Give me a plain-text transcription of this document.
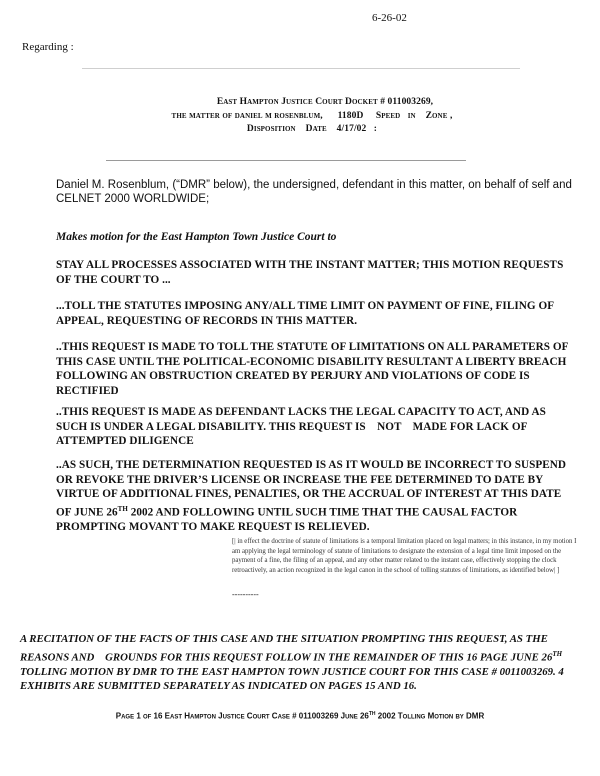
6-26-02
Regarding :
East Hampton Justice Court Docket # 011003269,
the matter of daniel m rosenblum,      1180D     Speed   in    Zone ,
Disposition    Date    4/17/02   :
Daniel M. Rosenblum, (“DMR” below), the undersigned, defendant in this matter, on behalf of self and CELNET 2000 WORLDWIDE;
Makes motion for the East Hampton Town Justice Court to
STAY ALL PROCESSES ASSOCIATED WITH THE INSTANT MATTER; THIS MOTION REQUESTS OF THE COURT TO ...
...TOLL THE STATUTES IMPOSING ANY/ALL TIME LIMIT ON PAYMENT OF FINE, FILING OF APPEAL, REQUESTING OF RECORDS IN THIS MATTER.
..THIS REQUEST IS MADE TO TOLL THE STATUTE OF LIMITATIONS ON ALL PARAMETERS OF THIS CASE UNTIL THE POLITICAL-ECONOMIC DISABILITY RESULTANT A LIBERTY BREACH FOLLOWING AN OBSTRUCTION CREATED BY PERJURY AND VIOLATIONS OF CODE IS RECTIFIED
..THIS REQUEST IS MADE AS DEFENDANT LACKS THE LEGAL CAPACITY TO ACT, AND AS SUCH IS UNDER A LEGAL DISABILITY. THIS REQUEST IS    NOT    MADE FOR LACK OF ATTEMPTED DILIGENCE
..AS SUCH, THE DETERMINATION REQUESTED IS AS IT WOULD BE INCORRECT TO SUSPEND OR REVOKE THE DRIVER’S LICENSE OR INCREASE THE FEE DETERMINED TO DATE BY VIRTUE OF ADDITIONAL FINES, PENALTIES, OR THE ACCRUAL OF INTEREST AT THIS DATE OF JUNE 26TH 2002 AND FOLLOWING UNTIL SUCH TIME THAT THE CAUSAL FACTOR PROMPTING MOVANT TO MAKE REQUEST IS RELIEVED.
[| in effect the doctrine of statute of limitations is a temporal limitation placed on legal matters; in this instance, in my motion I am applying the legal terminology of statute of limitations to designate the extension of a legal time limit imposed on the payment of a fine, the filing of an appeal, and any other matter related to the instant case, effectively stopping the clock retroactively, an action recognized in the legal canon in the school of tolling statutes of limitations, as identified below| ]
----------
A RECITATION OF THE FACTS OF THIS CASE AND THE SITUATION PROMPTING THIS REQUEST, AS THE REASONS AND    GROUNDS FOR THIS REQUEST FOLLOW IN THE REMAINDER OF THIS 16 PAGE JUNE 26TH TOLLING MOTION BY DMR TO THE EAST HAMPTON TOWN JUSTICE COURT FOR THIS CASE # 0011003269. 4 EXHIBITS ARE SUBMITTED SEPARATELY AS INDICATED ON PAGES 15 AND 16.
Page 1 of 16 East Hampton Justice Court Case # 011003269 June 26th 2002 Tolling Motion by DMR
